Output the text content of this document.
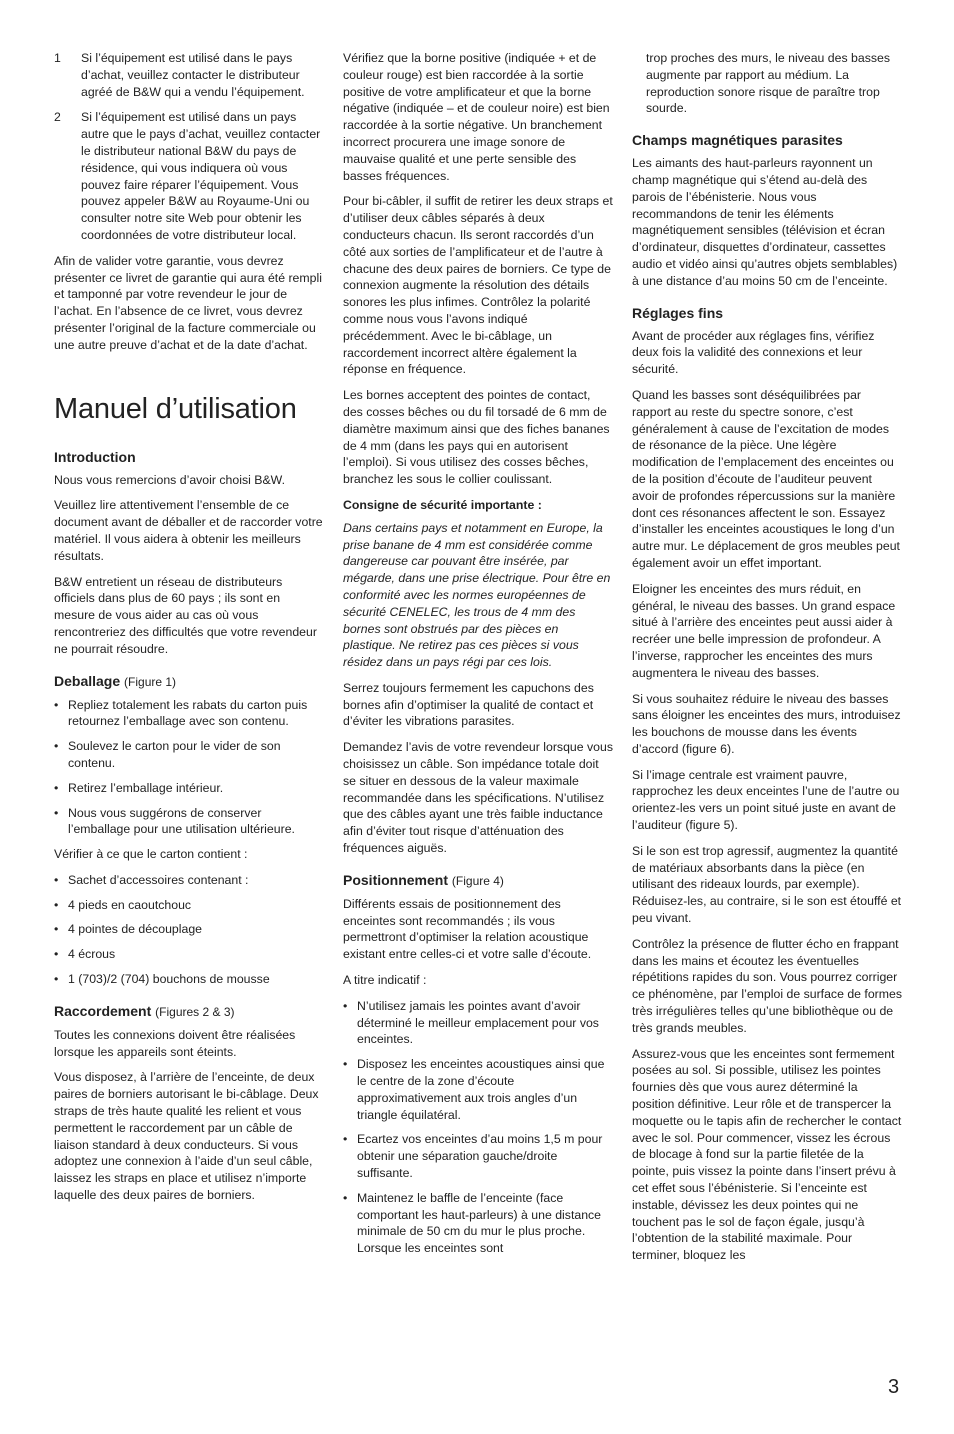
1 Si l’équipement est utilisé dans le pays d’achat, veuillez contacter le distributeur agréé de B&W qui a vendu l’équipement.
2 Si l’équipement est utilisé dans un pays autre que le pays d’achat, veuillez contacter le distributeur national B&W du pays de résidence, qui vous indiquera où vous pouvez faire réparer l’équipement. Vous pouvez appeler B&W au Royaume-Uni ou consulter notre site Web pour obtenir les coordonnées de votre distributeur local.

Afin de valider votre garantie, vous devrez présenter ce livret de garantie qui aura été rempli et tamponné par votre revendeur le jour de l’achat. En l’absence de ce livret, vous devrez présenter l’original de la facture commerciale ou une autre preuve d’achat et de la date d’achat.

Manuel d’utilisation
Introduction

Nous vous remercions d’avoir choisi B&W.

Veuillez lire attentivement l’ensemble de ce document avant de déballer et de raccorder votre matériel. Il vous aidera à obtenir les meilleurs résultats.

B&W entretient un réseau de distributeurs officiels dans plus de 60 pays ; ils sont en mesure de vous aider au cas où vous rencontreriez des difficultés que votre revendeur ne pourrait résoudre.

Deballage (Figure 1)
• Repliez totalement les rabats du carton puis retournez l’emballage avec son contenu.
• Soulevez le carton pour le vider de son contenu.
• Retirez l’emballage intérieur.
• Nous vous suggérons de conserver l’emballage pour une utilisation ultérieure.

Vérifier à ce que le carton contient :

• Sachet d’accessoires contenant :
• 4 pieds en caoutchouc
• 4 pointes de découplage
• 4 écrous
• 1 (703)/2 (704) bouchons de mousse
Raccordement (Figures 2 & 3)

Toutes les connexions doivent être réalisées lorsque les appareils sont éteints.

Vous disposez, à l’arrière de l’enceinte, de deux paires de borniers autorisant le bi-câblage. Deux straps de très haute qualité les relient et vous permettent le raccordement par un câble de liaison standard à deux conducteurs. Si vous adoptez une connexion à l’aide d’un seul câble, laissez les straps en place et utilisez n’importe laquelle des deux paires de borniers.

Vérifiez que la borne positive (indiquée + et de couleur rouge) est bien raccordée à la sortie positive de votre amplificateur et que la borne négative (indiquée – et de couleur noire) est bien raccordée à la sortie négative. Un branchement incorrect procurera une image sonore de mauvaise qualité et une perte sensible des basses fréquences.

Pour bi-câbler, il suffit de retirer les deux straps et d’utiliser deux câbles séparés à deux conducteurs chacun. Ils seront raccordés d’un côté aux sorties de l’amplificateur et de l’autre à chacune des deux paires de borniers. Ce type de connexion augmente la résolution des détails sonores les plus infimes. Contrôlez la polarité comme nous vous l’avons indiqué précédemment. Avec le bi-câblage, un raccordement incorrect altère également la réponse en fréquence.

Les bornes acceptent des pointes de contact, des cosses bêches ou du fil torsadé de 6 mm de diamètre maximum ainsi que des fiches bananes de 4 mm (dans les pays qui en autorisent l’emploi). Si vous utilisez des cosses bêches, branchez les sous le collier coulissant.

Consigne de sécurité importante :

Dans certains pays et notamment en Europe, la prise banane de 4 mm est considérée comme dangereuse car pouvant être insérée, par mégarde, dans une prise électrique. Pour être en conformité avec les normes européennes de sécurité CENELEC, les trous de 4 mm des bornes sont obstrués par des pièces en plastique. Ne retirez pas ces pièces si vous résidez dans un pays régi par ces lois.

Serrez toujours fermement les capuchons des bornes afin d’optimiser la qualité de contact et d’éviter les vibrations parasites.

Demandez l’avis de votre revendeur lorsque vous choisissez un câble. Son impédance totale doit se situer en dessous de la valeur maximale recommandée dans les spécifications. N’utilisez que des câbles ayant une très faible inductance afin d’éviter tout risque d’atténuation des fréquences aiguës.

Positionnement (Figure 4)

Différents essais de positionnement des enceintes sont recommandés ; ils vous permettront d’optimiser la relation acoustique existant entre celles-ci et votre salle d’écoute.

A titre indicatif :

• N’utilisez jamais les pointes avant d’avoir déterminé le meilleur emplacement pour vos enceintes.
• Disposez les enceintes acoustiques ainsi que le centre de la zone d’écoute approximativement aux trois angles d’un triangle équilatéral.
• Ecartez vos enceintes d’au moins 1,5 m pour obtenir une séparation gauche/droite suffisante.
• Maintenez le baffle de l’enceinte (face comportant les haut-parleurs) à une distance minimale de 50 cm du mur le plus proche. Lorsque les enceintes sont

trop proches des murs, le niveau des basses augmente par rapport au médium. La reproduction sonore risque de paraître trop sourde.

Champs magnétiques parasites

Les aimants des haut-parleurs rayonnent un champ magnétique qui s’étend au-delà des parois de l’ébénisterie. Nous vous recommandons de tenir les éléments magnétiquement sensibles (télévision et écran d’ordinateur, disquettes d’ordinateur, cassettes audio et vidéo ainsi qu’autres objets semblables) à une distance d’au moins 50 cm de l’enceinte.

Réglages fins

Avant de procéder aux réglages fins, vérifiez deux fois la validité des connexions et leur sécurité.

Quand les basses sont déséquilibrées par rapport au reste du spectre sonore, c’est généralement à cause de l’excitation de modes de résonance de la pièce. Une légère modification de l’emplacement des enceintes ou de la position d’écoute de l’auditeur peuvent avoir de profondes répercussions sur la manière dont ces résonances affectent le son. Essayez d’installer les enceintes acoustiques le long d’un autre mur. Le déplacement de gros meubles peut également avoir un effet important.

Eloigner les enceintes des murs réduit, en général, le niveau des basses. Un grand espace situé à l’arrière des enceintes peut aussi aider à recréer une belle impression de profondeur. A l’inverse, rapprocher les enceintes des murs augmentera le niveau des basses.

Si vous souhaitez réduire le niveau des basses sans éloigner les enceintes des murs, introduisez les bouchons de mousse dans les évents d’accord (figure 6).

Si l’image centrale est vraiment pauvre, rapprochez les deux enceintes l’une de l’autre ou orientez-les vers un point situé juste en avant de l’auditeur (figure 5).

Si le son est trop agressif, augmentez la quantité de matériaux absorbants dans la pièce (en utilisant des rideaux lourds, par exemple). Réduisez-les, au contraire, si le son est étouffé et peu vivant.

Contrôlez la présence de flutter écho en frappant dans les mains et écoutez les éventuelles répétitions rapides du son. Vous pourrez corriger ce phénomène, par l’emploi de surface de formes très irrégulières telles qu’une bibliothèque ou de très grands meubles.

Assurez-vous que les enceintes sont fermement posées au sol. Si possible, utilisez les pointes fournies dès que vous aurez déterminé la position définitive. Leur rôle et de transpercer la moquette ou le tapis afin de rechercher le contact avec le sol. Pour commencer, vissez les écrous de blocage à fond sur la partie filetée de la pointe, puis vissez la pointe dans l’insert prévu à cet effet sous l’ébénisterie. Si l’enceinte est instable, dévissez les deux pointes qui ne touchent pas le sol de façon égale, jusqu’à l’obtention de la stabilité maximale. Pour terminer, bloquez les

3
